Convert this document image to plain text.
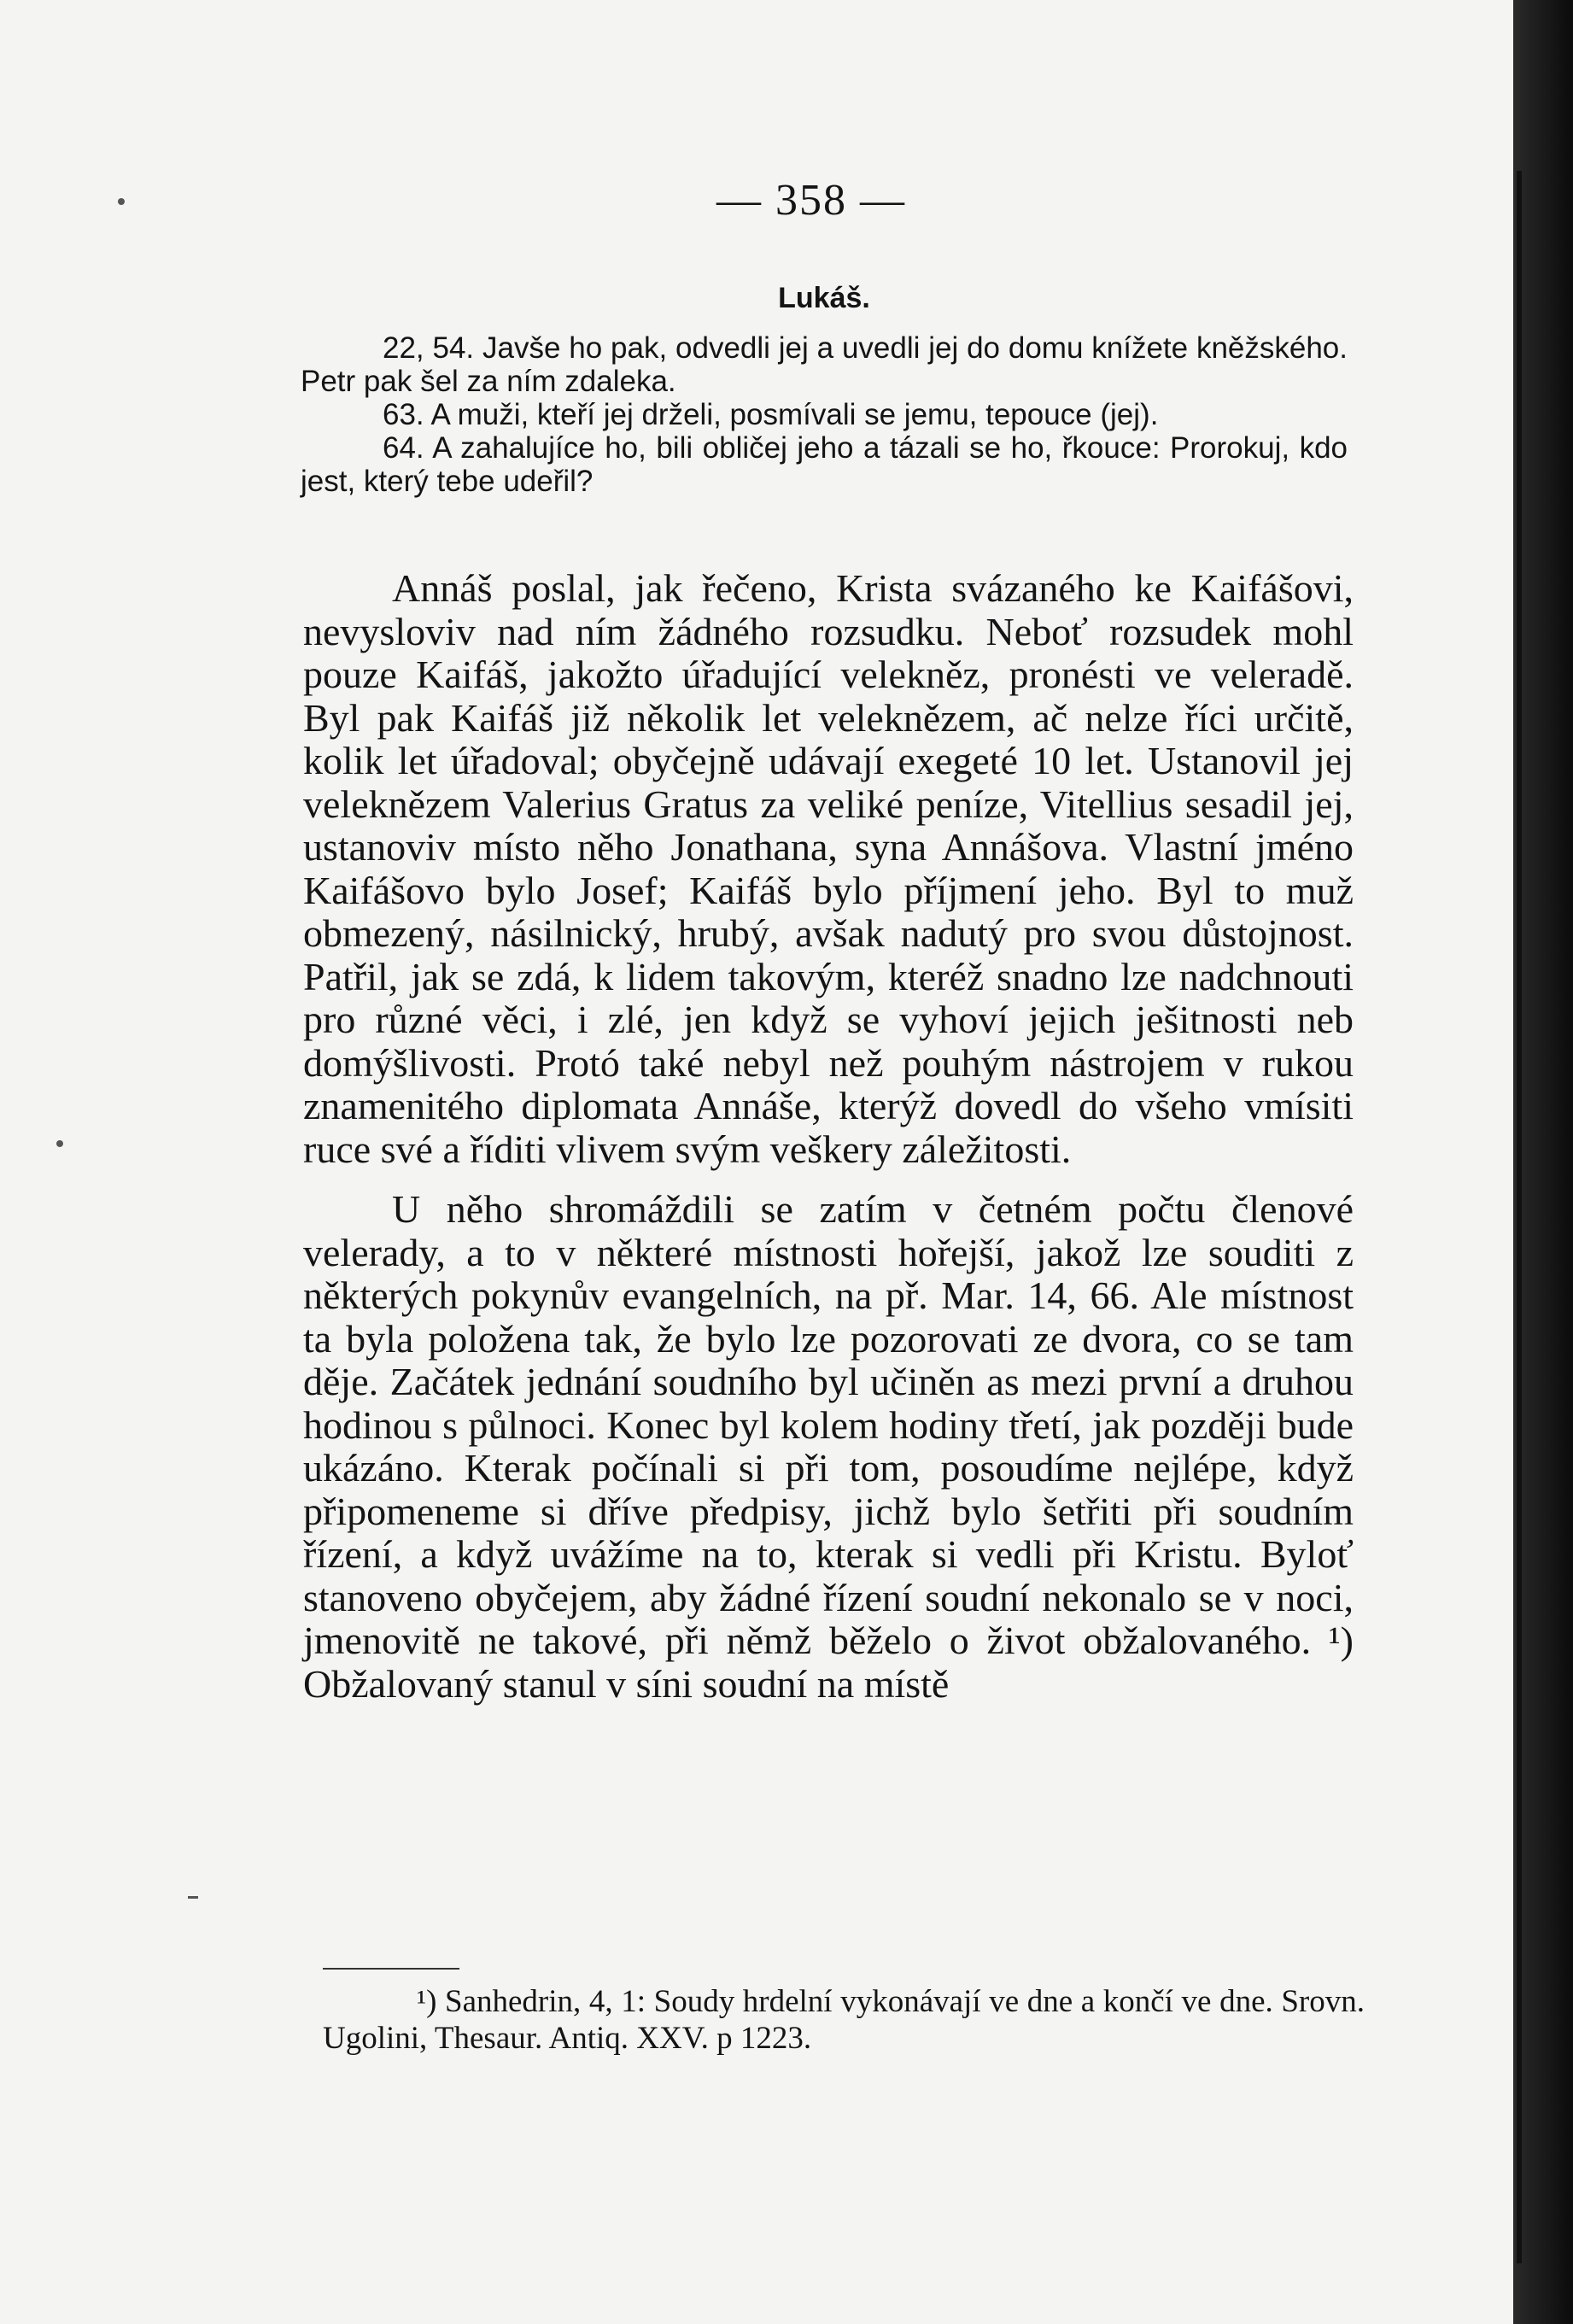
— 358 —
Lukáš.

22, 54. Javše ho pak, odvedli jej a uvedli jej do domu knížete kněžského. Petr pak šel za ním zdaleka.

63. A muži, kteří jej drželi, posmívali se jemu, tepouce (jej).

64. A zahalujíce ho, bili obličej jeho a tázali se ho, řkouce: Prorokuj, kdo jest, který tebe udeřil?

Annáš poslal, jak řečeno, Krista svázaného ke Kaifášovi, nevysloviv nad ním žádného rozsudku. Neboť rozsudek mohl pouze Kaifáš, jakožto úřadující velekněz, pronésti ve veleradě. Byl pak Kaifáš již několik let veleknězem, ač nelze říci určitě, kolik let úřadoval; obyčejně udávají exegeté 10 let. Ustanovil jej veleknězem Valerius Gratus za veliké peníze, Vitellius sesadil jej, ustanoviv místo něho Jonathana, syna Annášova. Vlastní jméno Kaifášovo bylo Josef; Kaifáš bylo příjmení jeho. Byl to muž obmezený, násilnický, hrubý, avšak nadutý pro svou důstojnost. Patřil, jak se zdá, k lidem takovým, kteréž snadno lze nadchnouti pro různé věci, i zlé, jen když se vyhoví jejich ješitnosti neb domýšlivosti. Protó také nebyl než pouhým nástrojem v rukou znamenitého diplomata Annáše, kterýž dovedl do všeho vmísiti ruce své a říditi vlivem svým veškery záležitosti.

U něho shromáždili se zatím v četném počtu členové velerady, a to v některé místnosti hořejší, jakož lze souditi z některých pokynův evangelních, na př. Mar. 14, 66. Ale místnost ta byla položena tak, že bylo lze pozorovati ze dvora, co se tam děje. Začátek jednání soudního byl učiněn as mezi první a druhou hodinou s půlnoci. Konec byl kolem hodiny třetí, jak později bude ukázáno. Kterak počínali si při tom, posoudíme nejlépe, když připomeneme si dříve předpisy, jichž bylo šetřiti při soudním řízení, a když uvážíme na to, kterak si vedli při Kristu. Byloť stanoveno obyčejem, aby žádné řízení soudní nekonalo se v noci, jmenovitě ne takové, při němž běželo o život obžalovaného. ¹) Obžalovaný stanul v síni soudní na místě

¹) Sanhedrin, 4, 1: Soudy hrdelní vykonávají ve dne a končí ve dne. Srovn. Ugolini, Thesaur. Antiq. XXV. p 1223.
